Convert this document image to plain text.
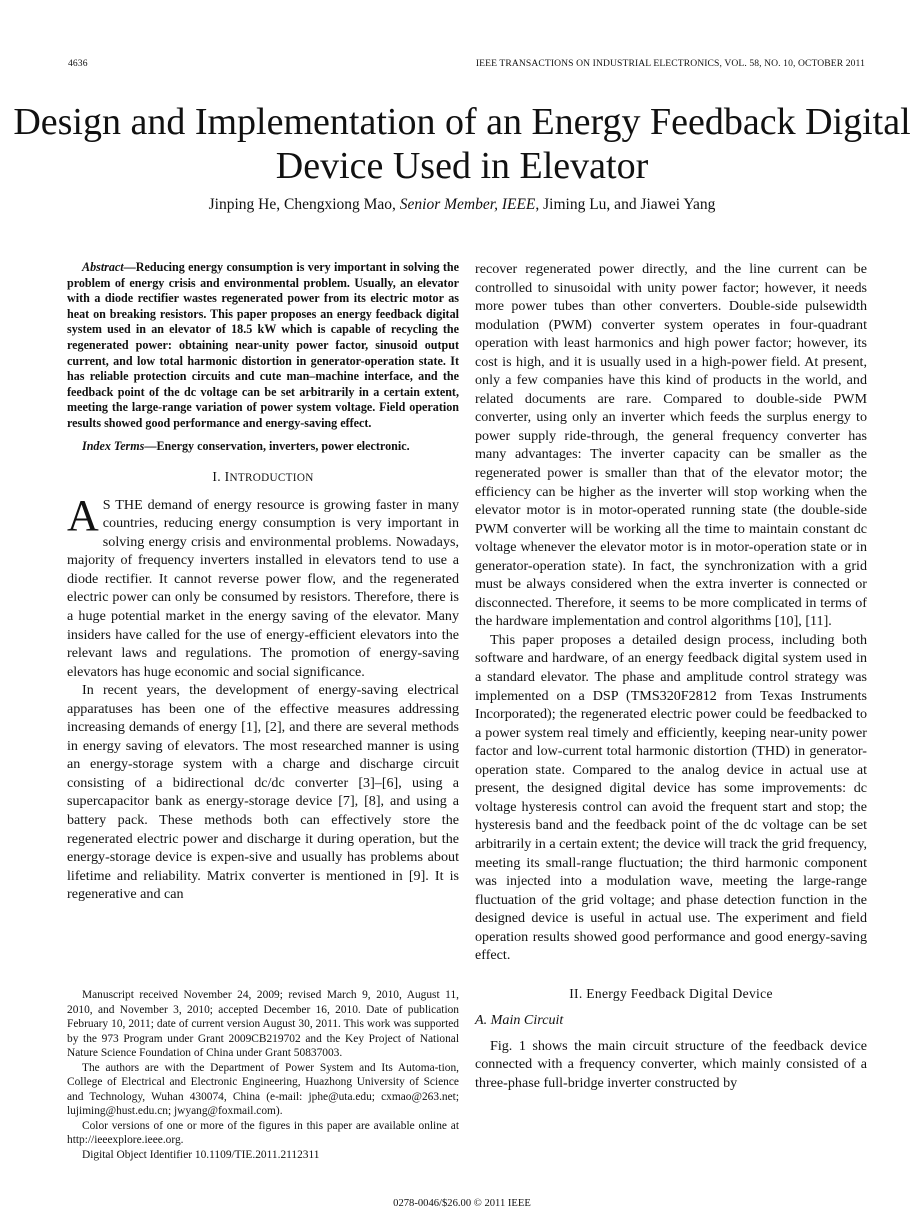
4636	IEEE TRANSACTIONS ON INDUSTRIAL ELECTRONICS, VOL. 58, NO. 10, OCTOBER 2011
Design and Implementation of an Energy Feedback Digital Device Used in Elevator
Jinping He, Chengxiong Mao, Senior Member, IEEE, Jiming Lu, and Jiawei Yang

Abstract—Reducing energy consumption is very important in solving the problem of energy crisis and environmental problem. Usually, an elevator with a diode rectifier wastes regenerated power from its electric motor as heat on breaking resistors. This paper proposes an energy feedback digital system used in an elevator of 18.5 kW which is capable of recycling the regenerated power: obtaining near-unity power factor, sinusoid output current, and low total harmonic distortion in generator-operation state. It has reliable protection circuits and cute man–machine interface, and the feedback point of the dc voltage can be set arbitrarily in a certain extent, meeting the large-range variation of power system voltage. Field operation results showed good performance and energy-saving effect.

Index Terms—Energy conservation, inverters, power electronic.

I. INTRODUCTION

AS THE demand of energy resource is growing faster in many countries, reducing energy consumption is very important in solving energy crisis and environmental problems. Nowadays, majority of frequency inverters installed in elevators tend to use a diode rectifier. It cannot reverse power flow, and the regenerated electric power can only be consumed by resistors. Therefore, there is a huge potential market in the energy saving of the elevator. Many insiders have called for the use of energy-efficient elevators into the relevant laws and regulations. The promotion of energy-saving elevators has huge economic and social significance.

In recent years, the development of energy-saving electrical apparatuses has been one of the effective measures addressing increasing demands of energy [1], [2], and there are several methods in energy saving of elevators. The most researched manner is using an energy-storage system with a charge and discharge circuit consisting of a bidirectional dc/dc converter [3]–[6], using a supercapacitor bank as energy-storage device [7], [8], and using a battery pack. These methods both can effectively store the regenerated electric power and discharge it during operation, but the energy-storage device is expen-sive and usually has problems about lifetime and reliability. Matrix converter is mentioned in [9]. It is regenerative and can

Manuscript received November 24, 2009; revised March 9, 2010, August 11, 2010, and November 3, 2010; accepted December 16, 2010. Date of publication February 10, 2011; date of current version August 30, 2011. This work was supported by the 973 Program under Grant 2009CB219702 and the Key Project of National Nature Science Foundation of China under Grant 50837003.

The authors are with the Department of Power System and Its Automa-tion, College of Electrical and Electronic Engineering, Huazhong University of Science and Technology, Wuhan 430074, China (e-mail: jphe@uta.edu; cxmao@263.net; lujiming@hust.edu.cn; jwyang@foxmail.com).

Color versions of one or more of the figures in this paper are available online at http://ieeexplore.ieee.org.

Digital Object Identifier 10.1109/TIE.2011.2112311

recover regenerated power directly, and the line current can be controlled to sinusoidal with unity power factor; however, it needs more power tubes than other converters. Double-side pulsewidth modulation (PWM) converter system operates in four-quadrant operation with least harmonics and high power factor; however, its cost is high, and it is usually used in a high-power field. At present, only a few companies have this kind of products in the world, and related documents are rare. Compared to double-side PWM converter, using only an inverter which feeds the surplus energy to power supply ride-through, the general frequency converter has many advantages: The inverter capacity can be smaller as the regenerated power is smaller than that of the elevator motor; the efficiency can be higher as the inverter will stop working when the elevator motor is in motor-operated running state (the double-side PWM converter will be working all the time to maintain constant dc voltage whenever the elevator motor is in motor-operation state or in generator-operation state). In fact, the synchronization with a grid must be always considered when the extra inverter is connected or disconnected. Therefore, it seems to be more complicated in terms of the hardware implementation and control algorithms [10], [11].

This paper proposes a detailed design process, including both software and hardware, of an energy feedback digital system used in a standard elevator. The phase and amplitude control strategy was implemented on a DSP (TMS320F2812 from Texas Instruments Incorporated); the regenerated electric power could be feedbacked to a power system real timely and efficiently, keeping near-unity power factor and low-current total harmonic distortion (THD) in generator-operation state. Compared to the analog device in actual use at present, the designed digital device has some improvements: dc voltage hysteresis control can avoid the frequent start and stop; the hysteresis band and the feedback point of the dc voltage can be set arbitrarily in a certain extent; the device will track the grid frequency, meeting its small-range fluctuation; the third harmonic component was injected into a modulation wave, meeting the large-range fluctuation of the grid voltage; and phase detection function in the designed device is useful in actual use. The experiment and field operation results showed good performance and good energy-saving effect.

II. Energy Feedback Digital Device
A. Main Circuit

Fig. 1 shows the main circuit structure of the feedback device connected with a frequency converter, which mainly consisted of a three-phase full-bridge inverter constructed by

0278-0046/$26.00 © 2011 IEEE
